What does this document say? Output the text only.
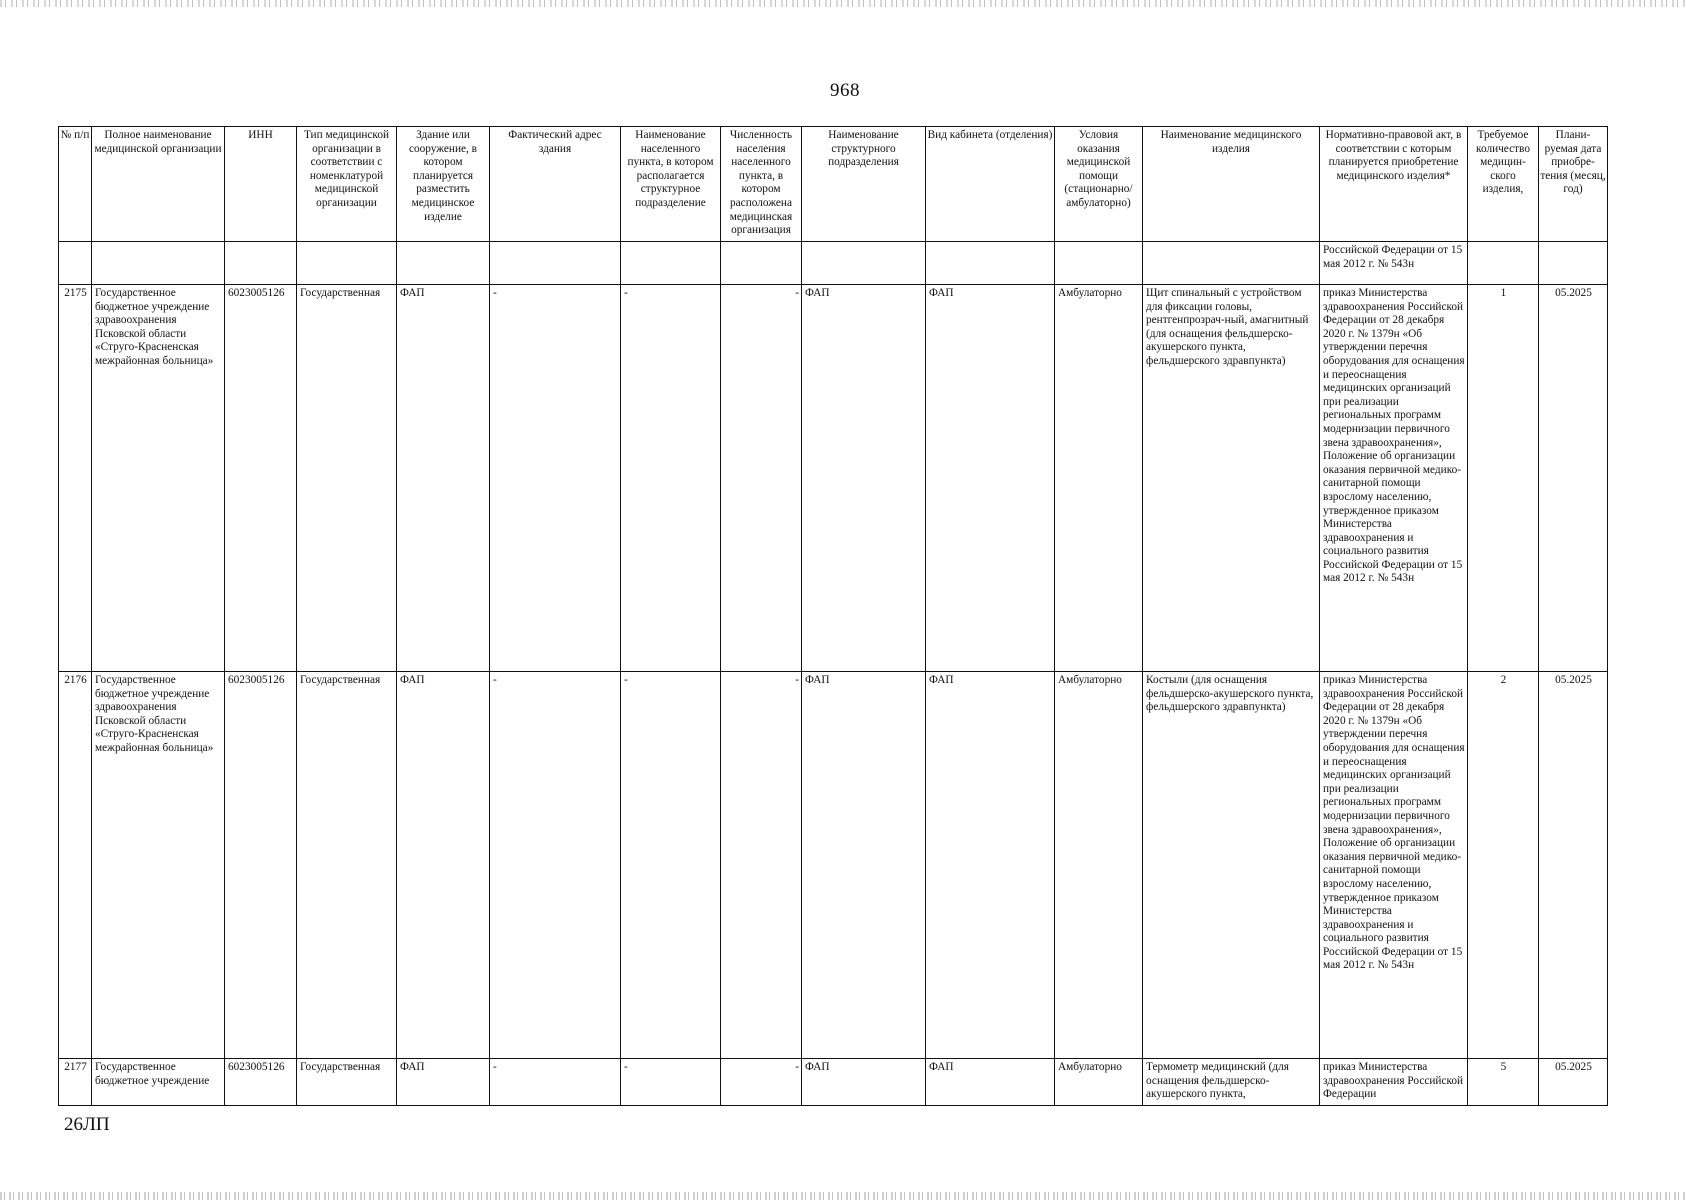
968
№ п/п	Полное наименование медицинской организации	ИНН	Тип медицинской организации в соответствии с номенклатурой медицинской организации	Здание или сооружение, в котором планируется разместить медицинское изделие	Фактический адрес здания	Наименование населенного пункта, в котором располагается структурное подразделение	Численность населения населенного пункта, в котором расположена медицинская организация	Наименование структурного подразделения	Вид кабинета (отделения)	Условия оказания медицинской помощи (стационарно/ амбулаторно)	Наименование медицинского изделия	Нормативно-правовой акт, в соответствии с которым планируется приобретение медицинского изделия*	Требуемое количество медицин-ского изделия,	Плани-руемая дата приобре-тения (месяц, год)
												Российской Федерации от 15 мая 2012 г. № 543н		
2175	Государственное бюджетное учреждение здравоохранения Псковской области «Струго-Красненская межрайонная больница»	6023005126	Государственная	ФАП	-	-	-	ФАП	ФАП	Амбулаторно	Щит спинальный с устройством для фиксации головы, рентгенпрозрач-ный, амагнитный (для оснащения фельдшерско-акушерского пункта, фельдшерского здравпункта)	приказ Министерства здравоохранения Российской Федерации от 28 декабря 2020 г. № 1379н «Об утверждении перечня оборудования для оснащения и переоснащения медицинских организаций при реализации региональных программ модернизации первичного звена здравоохранения», Положение об организации оказания первичной медико-санитарной помощи взрослому населению, утвержденное приказом Министерства здравоохранения и социального развития Российской Федерации от 15 мая 2012 г. № 543н	1	05.2025
2176	Государственное бюджетное учреждение здравоохранения Псковской области «Струго-Красненская межрайонная больница»	6023005126	Государственная	ФАП	-	-	-	ФАП	ФАП	Амбулаторно	Костыли (для оснащения фельдшерско-акушерского пункта, фельдшерского здравпункта)	приказ Министерства здравоохранения Российской Федерации от 28 декабря 2020 г. № 1379н «Об утверждении перечня оборудования для оснащения и переоснащения медицинских организаций при реализации региональных программ модернизации первичного звена здравоохранения», Положение об организации оказания первичной медико-санитарной помощи взрослому населению, утвержденное приказом Министерства здравоохранения и социального развития Российской Федерации от 15 мая 2012 г. № 543н	2	05.2025
2177	Государственное бюджетное учреждение	6023005126	Государственная	ФАП	-	-	-	ФАП	ФАП	Амбулаторно	Термометр медицинский (для оснащения фельдшерско-акушерского пункта,	приказ Министерства здравоохранения Российской Федерации	5	05.2025
26ЛП
